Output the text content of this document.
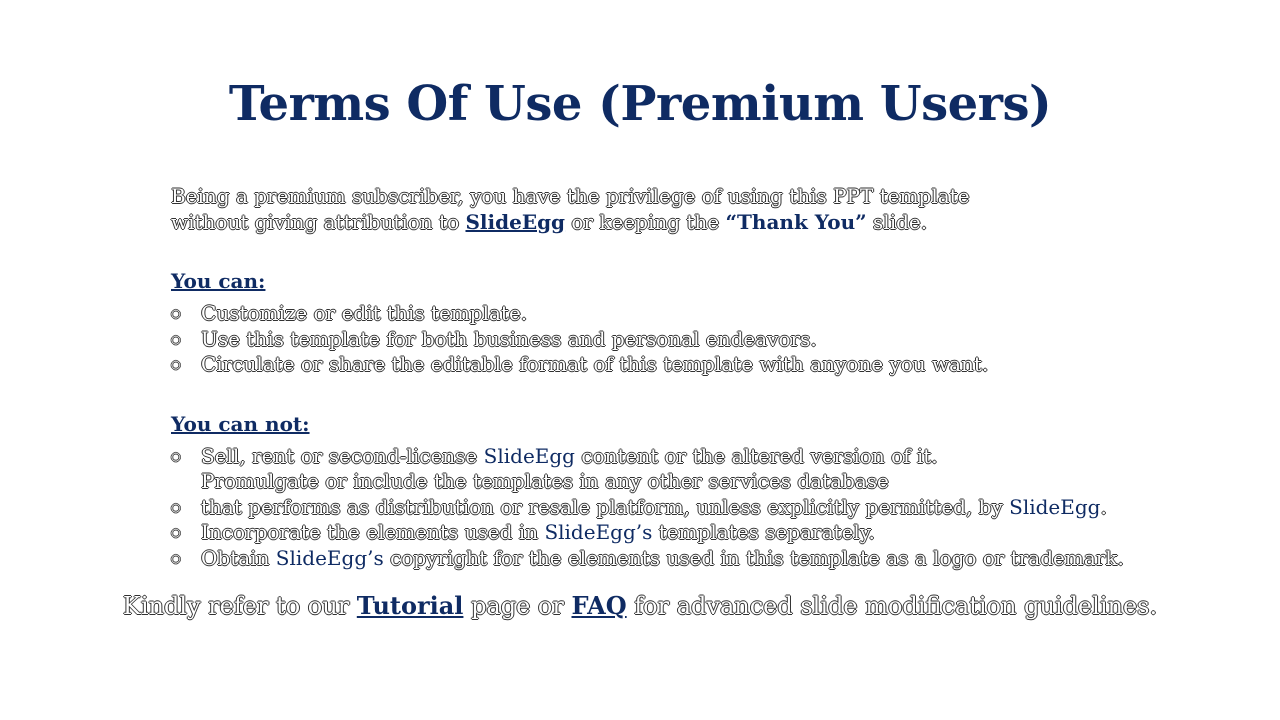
Terms Of Use (Premium Users)

Being a premium subscriber, you have the privilege of using this PPT template
without giving attribution to SlideEgg or keeping the “Thank You” slide.

You can:

○ Customize or edit this template.
○ Use this template for both business and personal endeavors.
○ Circulate or share the editable format of this template with anyone you want.

You can not:

○ Sell, rent or second-license SlideEgg content or the altered version of it.
Promulgate or include the templates in any other services database
○ that performs as distribution or resale platform, unless explicitly permitted, by SlideEgg.
○ Incorporate the elements used in SlideEgg’s templates separately.
○ Obtain SlideEgg’s copyright for the elements used in this template as a logo or trademark.

Kindly refer to our Tutorial page or FAQ for advanced slide modification guidelines.
